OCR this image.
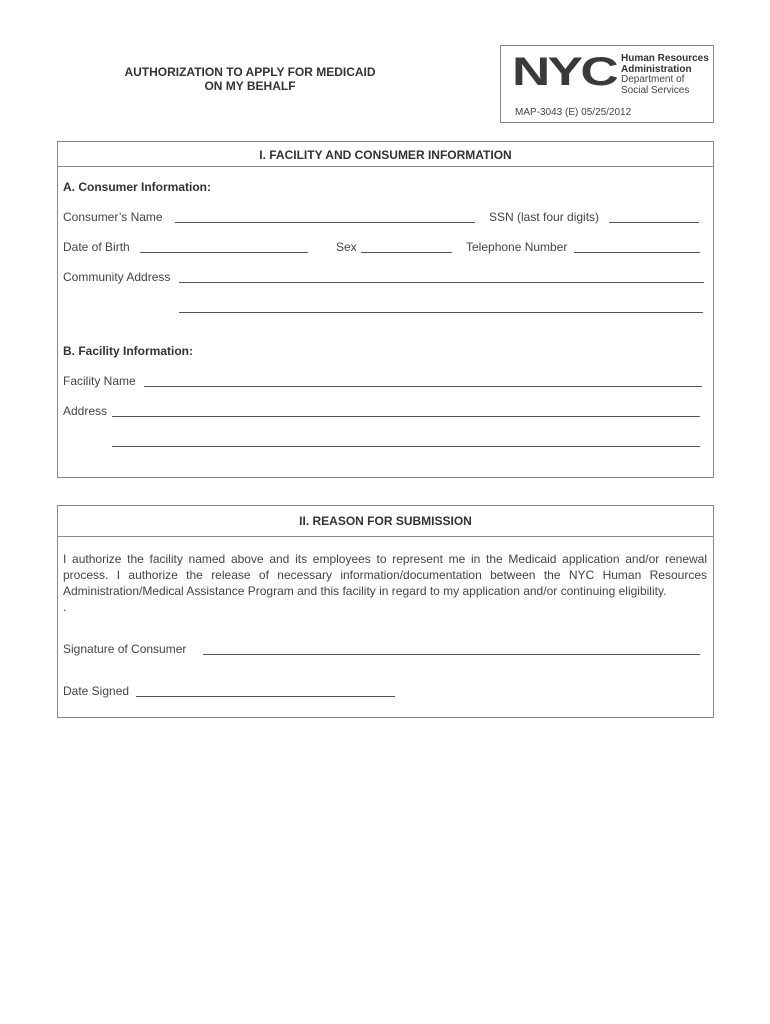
AUTHORIZATION TO APPLY FOR MEDICAID
ON MY BEHALF	NYC Human Resources
Administration
Department of
Social Services
MAP-3043 (E) 05/25/2012
I. FACILITY AND CONSUMER INFORMATION
A. Consumer Information:
Consumer’s Name	SSN (last four digits)
Date of Birth	Sex	Telephone Number
Community Address
B. Facility Information:
Facility Name
Address
II. REASON FOR SUBMISSION
I authorize the facility named above and its employees to represent me in the Medicaid application and/or renewal process. I authorize the release of necessary information/documentation between the NYC Human Resources Administration/Medical Assistance Program and this facility in regard to my application and/or continuing eligibility.
.
Signature of Consumer
Date Signed
